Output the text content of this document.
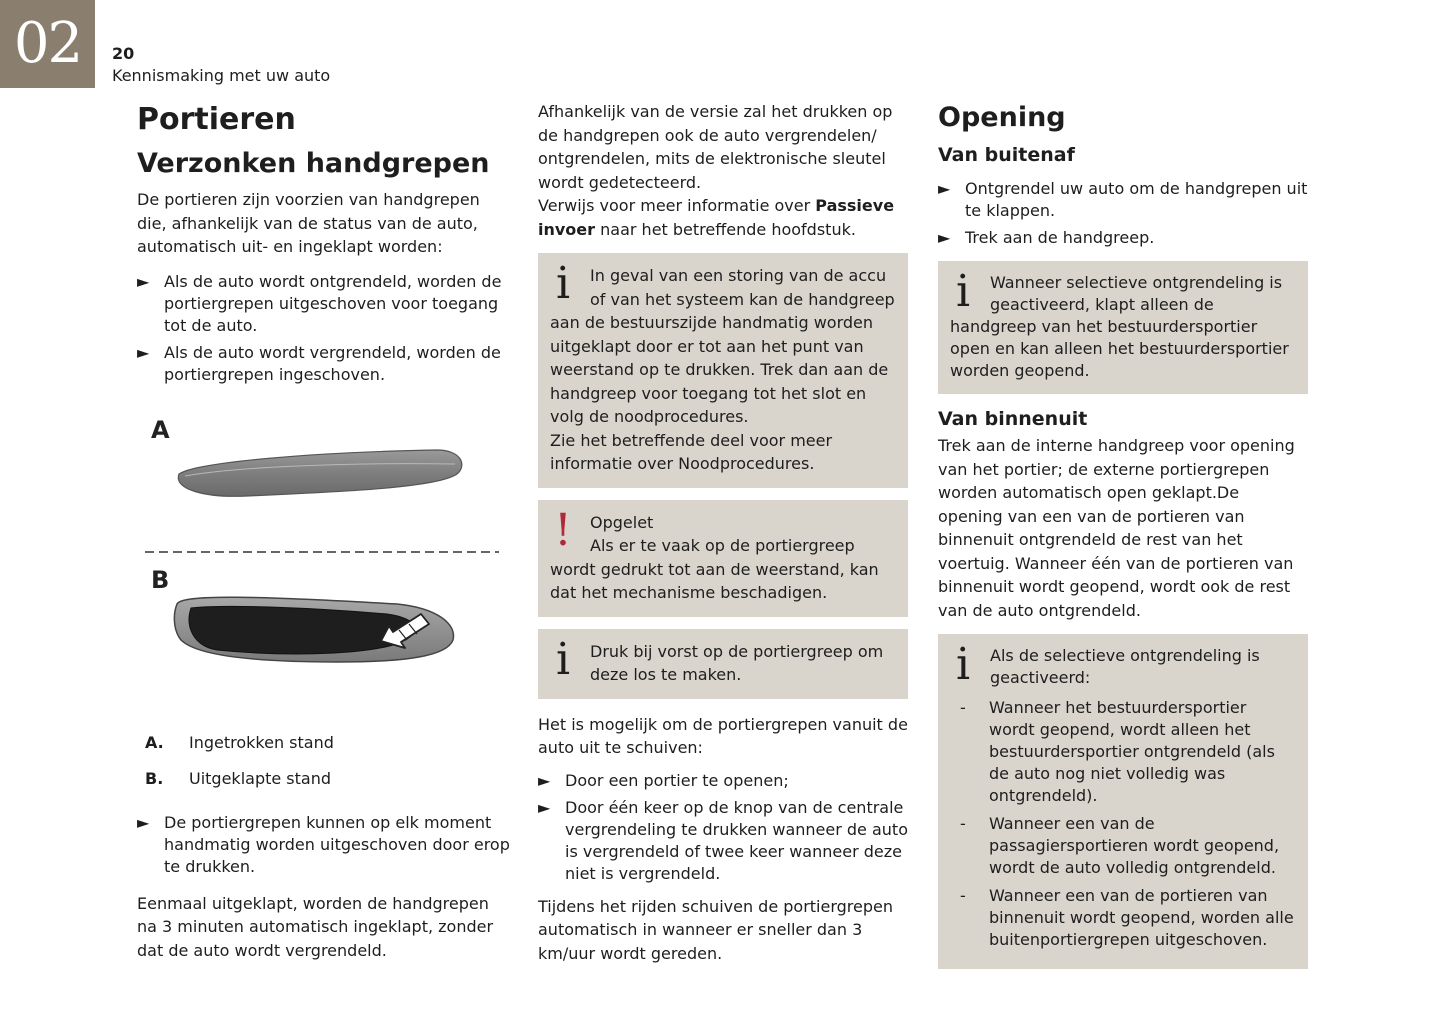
02	20
Kennismaking met uw auto
Portieren
Verzonken handgrepen

De portieren zijn voorzien van handgrepen die, afhankelijk van de status van de auto, automatisch uit- en ingeklapt worden:

► Als de auto wordt ontgrendeld, worden de portiergrepen uitgeschoven voor toegang tot de auto.
► Als de auto wordt vergrendeld, worden de portiergrepen ingeschoven.
A
B
A. Ingetrokken stand
B. Uitgeklapte stand
► De portiergrepen kunnen op elk moment handmatig worden uitgeschoven door erop te drukken.

Eenmaal uitgeklapt, worden de handgrepen na 3 minuten automatisch ingeklapt, zonder dat de auto wordt vergrendeld.

Afhankelijk van de versie zal het drukken op de handgrepen ook de auto vergrendelen/ ontgrendelen, mits de elektronische sleutel wordt gedetecteerd.

Verwijs voor meer informatie over Passieve invoer naar het betreffende hoofdstuk.

i	In geval van een storing van de accu of van het systeem kan de handgreep aan de bestuurszijde handmatig worden uitgeklapt door er tot aan het punt van weerstand op te drukken. Trek dan aan de handgreep voor toegang tot het slot en volg de noodprocedures.

Zie het betreffende deel voor meer informatie over Noodprocedures.

!	Opgelet

Als er te vaak op de portiergreep wordt gedrukt tot aan de weerstand, kan dat het mechanisme beschadigen.

i	Druk bij vorst op de portiergreep om deze los te maken.

Het is mogelijk om de portiergrepen vanuit de auto uit te schuiven:

► Door een portier te openen;
► Door één keer op de knop van de centrale vergrendeling te drukken wanneer de auto is vergrendeld of twee keer wanneer deze niet is vergrendeld.

Tijdens het rijden schuiven de portiergrepen automatisch in wanneer er sneller dan 3 km/uur wordt gereden.

Opening
Van buitenaf
► Ontgrendel uw auto om de handgrepen uit te klappen.
► Trek aan de handgreep.
i	Wanneer selectieve ontgrendeling is geactiveerd, klapt alleen de handgreep van het bestuurdersportier open en kan alleen het bestuurdersportier worden geopend.

Van binnenuit

Trek aan de interne handgreep voor opening van het portier; de externe portiergrepen worden automatisch open geklapt.De opening van een van de portieren van binnenuit ontgrendeld de rest van het voertuig. Wanneer één van de portieren van binnenuit wordt geopend, wordt ook de rest van de auto ontgrendeld.

i	Als de selectieve ontgrendeling is geactiveerd:

- Wanneer het bestuurdersportier wordt geopend, wordt alleen het bestuurdersportier ontgrendeld (als de auto nog niet volledig was ontgrendeld).
- Wanneer een van de passagiersportieren wordt geopend, wordt de auto volledig ontgrendeld.
- Wanneer een van de portieren van binnenuit wordt geopend, worden alle buitenportiergrepen uitgeschoven.
